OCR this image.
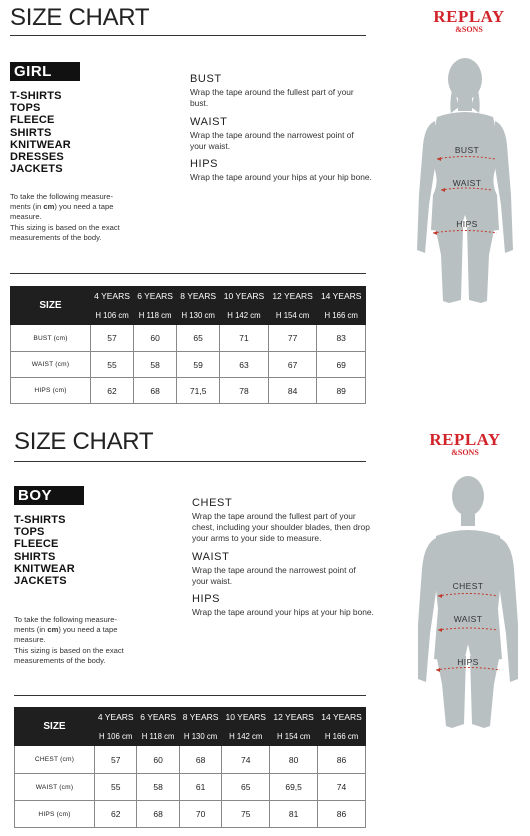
SIZE CHART	REPLAY
&SONS
GIRL
T-SHIRTS
TOPS
FLEECE
SHIRTS
KNITWEAR
DRESSES
JACKETS
To take the following measure-
ments (in cm) you need a tape
measure.
This sizing is based on the exact
measurements of the body.
BUST
Wrap the tape around the fullest part of your bust.
WAIST
Wrap the tape around the narrowest point of your waist.
HIPS
Wrap the tape around your hips at your hip bone.
BUST
WAIST
HIPS
SIZE	4 YEARS	6 YEARS	8 YEARS	10 YEARS	12 YEARS	14 YEARS
	H 106 cm	H 118 cm	H 130 cm	H 142 cm	H 154 cm	H 166 cm
BUST (cm)	57	60	65	71	77	83
WAIST (cm)	55	58	59	63	67	69
HIPS (cm)	62	68	71,5	78	84	89
SIZE CHART	REPLAY
&SONS
BOY
T-SHIRTS
TOPS
FLEECE
SHIRTS
KNITWEAR
JACKETS
To take the following measure-
ments (in cm) you need a tape
measure.
This sizing is based on the exact
measurements of the body.
CHEST
Wrap the tape around the fullest part of your chest, including your shoulder blades, then drop your arms to your side to measure.
WAIST
Wrap the tape around the narrowest point of your waist.
HIPS
Wrap the tape around your hips at your hip bone.
CHEST
WAIST
HIPS
SIZE	4 YEARS	6 YEARS	8 YEARS	10 YEARS	12 YEARS	14 YEARS
	H 106 cm	H 118 cm	H 130 cm	H 142 cm	H 154 cm	H 166 cm
CHEST (cm)	57	60	68	74	80	86
WAIST (cm)	55	58	61	65	69,5	74
HIPS (cm)	62	68	70	75	81	86
